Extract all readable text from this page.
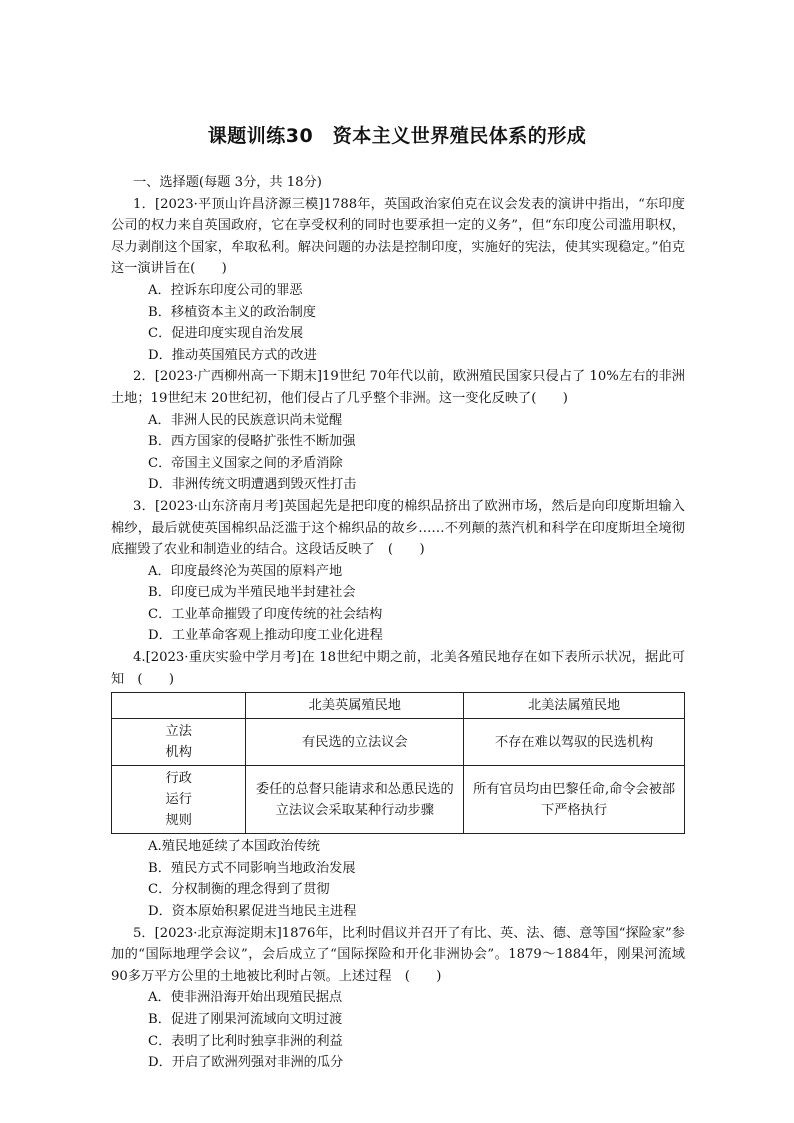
课题训练30　资本主义世界殖民体系的形成
一、选择题(每题 3分，共 18分)
1．[2023·平顶山许昌济源三模]1788年，英国政治家伯克在议会发表的演讲中指出，“东印度公司的权力来自英国政府，它在享受权利的同时也要承担一定的义务”，但“东印度公司滥用职权，尽力剥削这个国家，牟取私利。解决问题的办法是控制印度，实施好的宪法，使其实现稳定。”伯克这一演讲旨在(　　)
A．控诉东印度公司的罪恶
B．移植资本主义的政治制度
C．促进印度实现自治发展
D．推动英国殖民方式的改进
2．[2023·广西柳州高一下期末]19世纪 70年代以前，欧洲殖民国家只侵占了 10%左右的非洲土地；19世纪末 20世纪初，他们侵占了几乎整个非洲。这一变化反映了(　　)
A．非洲人民的民族意识尚未觉醒
B．西方国家的侵略扩张性不断加强
C．帝国主义国家之间的矛盾消除
D．非洲传统文明遭遇到毁灭性打击
3．[2023·山东济南月考]英国起先是把印度的棉织品挤出了欧洲市场，然后是向印度斯坦输入棉纱，最后就使英国棉织品泛滥于这个棉织品的故乡……不列颠的蒸汽机和科学在印度斯坦全境彻底摧毁了农业和制造业的结合。这段话反映了　(　　)
A．印度最终沦为英国的原料产地
B．印度已成为半殖民地半封建社会
C．工业革命摧毁了印度传统的社会结构
D．工业革命客观上推动印度工业化进程
4.[2023·重庆实验中学月考]在 18世纪中期之前，北美各殖民地存在如下表所示状况，据此可知　(　　)
	北美英属殖民地	北美法属殖民地

立法
机构	有民选的立法议会	不存在难以驾驭的民选机构

行政
运行
规则	委任的总督只能请求和怂恿民选的立法议会采取某种行动步骤	所有官员均由巴黎任命,命令会被部下严格执行
A.殖民地延续了本国政治传统
B．殖民方式不同影响当地政治发展
C．分权制衡的理念得到了贯彻
D．资本原始积累促进当地民主进程
5．[2023·北京海淀期末]1876年，比利时倡议并召开了有比、英、法、德、意等国“探险家”参加的“国际地理学会议”，会后成立了“国际探险和开化非洲协会”。1879～1884年，刚果河流域 90多万平方公里的土地被比利时占领。上述过程　(　　)
A．使非洲沿海开始出现殖民据点
B．促进了刚果河流域向文明过渡
C．表明了比利时独享非洲的利益
D．开启了欧洲列强对非洲的瓜分
